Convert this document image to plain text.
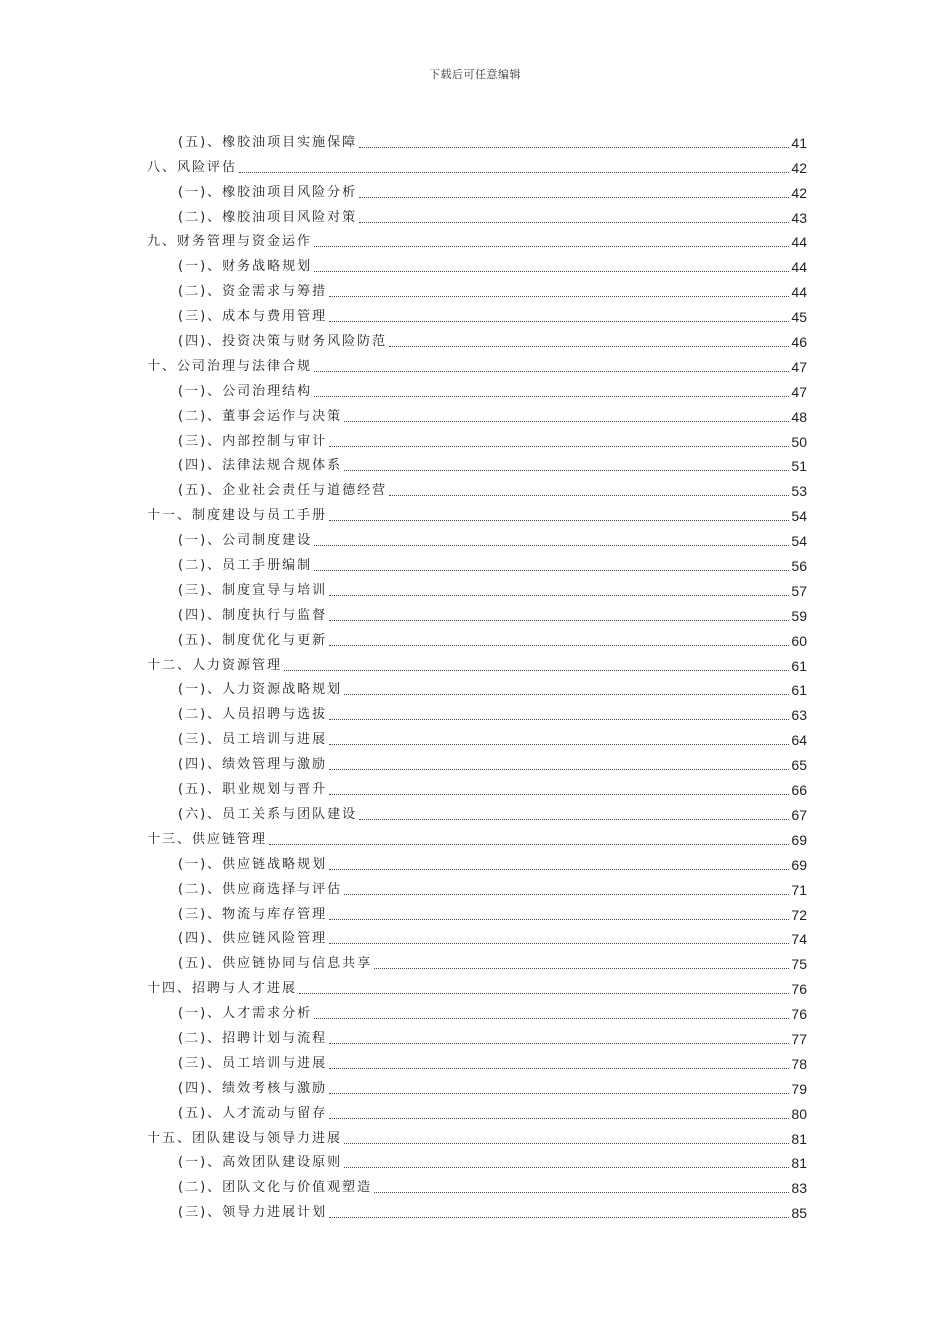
下载后可任意编辑
(五)、橡胶油项目实施保障	41
八、风险评估	42
(一)、橡胶油项目风险分析	42
(二)、橡胶油项目风险对策	43
九、财务管理与资金运作	44
(一)、财务战略规划	44
(二)、资金需求与筹措	44
(三)、成本与费用管理	45
(四)、投资决策与财务风险防范	46
十、公司治理与法律合规	47
(一)、公司治理结构	47
(二)、董事会运作与决策	48
(三)、内部控制与审计	50
(四)、法律法规合规体系	51
(五)、企业社会责任与道德经营	53
十一、制度建设与员工手册	54
(一)、公司制度建设	54
(二)、员工手册编制	56
(三)、制度宣导与培训	57
(四)、制度执行与监督	59
(五)、制度优化与更新	60
十二、人力资源管理	61
(一)、人力资源战略规划	61
(二)、人员招聘与选拔	63
(三)、员工培训与进展	64
(四)、绩效管理与激励	65
(五)、职业规划与晋升	66
(六)、员工关系与团队建设	67
十三、供应链管理	69
(一)、供应链战略规划	69
(二)、供应商选择与评估	71
(三)、物流与库存管理	72
(四)、供应链风险管理	74
(五)、供应链协同与信息共享	75
十四、招聘与人才进展	76
(一)、人才需求分析	76
(二)、招聘计划与流程	77
(三)、员工培训与进展	78
(四)、绩效考核与激励	79
(五)、人才流动与留存	80
十五、团队建设与领导力进展	81
(一)、高效团队建设原则	81
(二)、团队文化与价值观塑造	83
(三)、领导力进展计划	85
